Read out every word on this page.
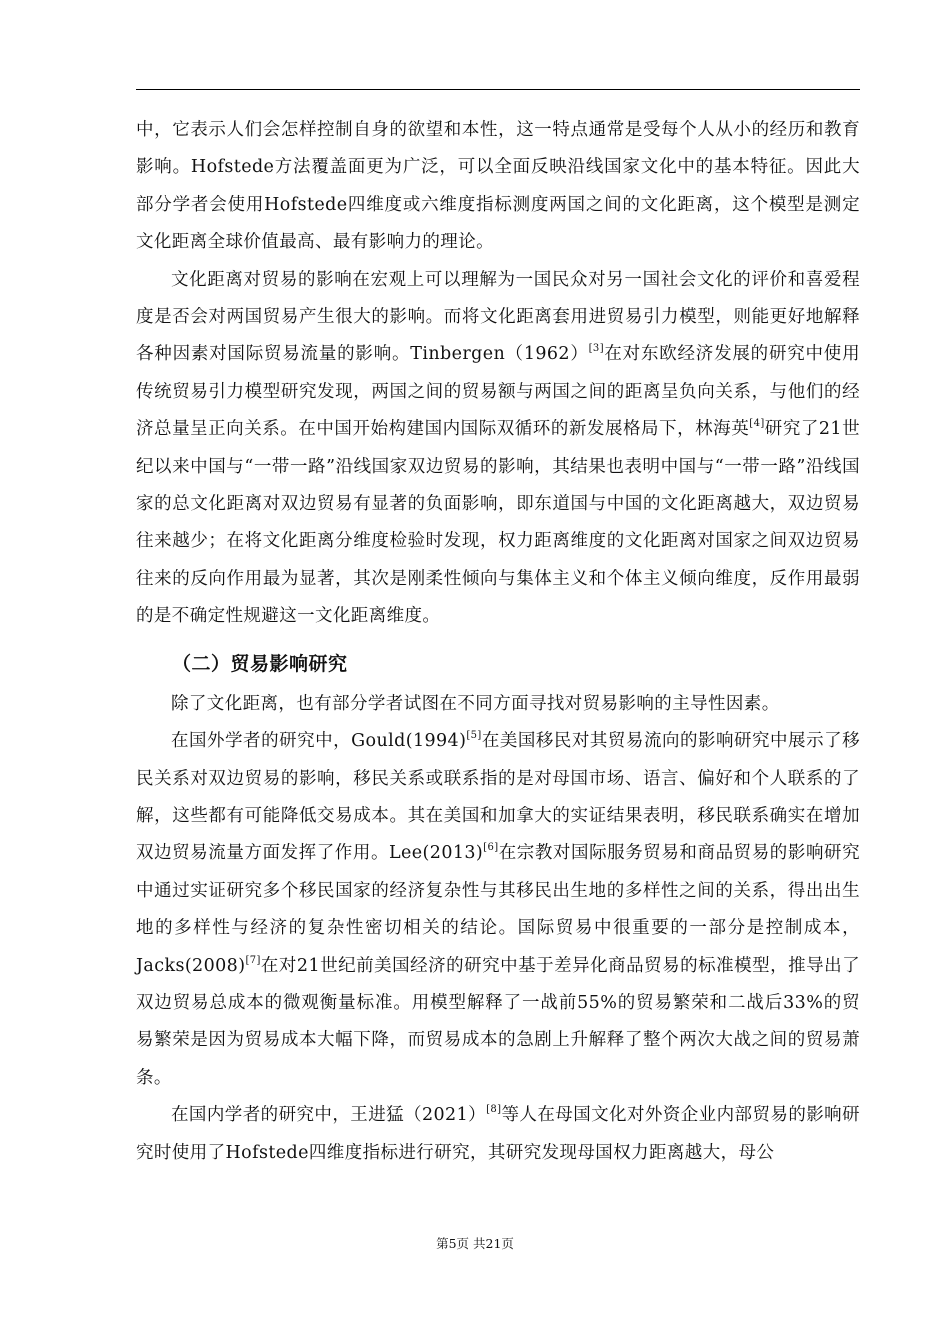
中，它表示人们会怎样控制自身的欲望和本性，这一特点通常是受每个人从小的经历和教育影响。Hofstede方法覆盖面更为广泛，可以全面反映沿线国家文化中的基本特征。因此大部分学者会使用Hofstede四维度或六维度指标测度两国之间的文化距离，这个模型是测定文化距离全球价值最高、最有影响力的理论。

文化距离对贸易的影响在宏观上可以理解为一国民众对另一国社会文化的评价和喜爱程度是否会对两国贸易产生很大的影响。而将文化距离套用进贸易引力模型，则能更好地解释各种因素对国际贸易流量的影响。Tinbergen（1962）[3]在对东欧经济发展的研究中使用传统贸易引力模型研究发现，两国之间的贸易额与两国之间的距离呈负向关系，与他们的经济总量呈正向关系。在中国开始构建国内国际双循环的新发展格局下，林海英[4]研究了21世纪以来中国与“一带一路”沿线国家双边贸易的影响，其结果也表明中国与“一带一路”沿线国家的总文化距离对双边贸易有显著的负面影响，即东道国与中国的文化距离越大，双边贸易往来越少；在将文化距离分维度检验时发现，权力距离维度的文化距离对国家之间双边贸易往来的反向作用最为显著，其次是刚柔性倾向与集体主义和个体主义倾向维度，反作用最弱的是不确定性规避这一文化距离维度。

（二）贸易影响研究

除了文化距离，也有部分学者试图在不同方面寻找对贸易影响的主导性因素。

在国外学者的研究中，Gould(1994)[5]在美国移民对其贸易流向的影响研究中展示了移民关系对双边贸易的影响，移民关系或联系指的是对母国市场、语言、偏好和个人联系的了解，这些都有可能降低交易成本。其在美国和加拿大的实证结果表明，移民联系确实在增加双边贸易流量方面发挥了作用。Lee(2013)[6]在宗教对国际服务贸易和商品贸易的影响研究中通过实证研究多个移民国家的经济复杂性与其移民出生地的多样性之间的关系，得出出生地的多样性与经济的复杂性密切相关的结论。国际贸易中很重要的一部分是控制成本，Jacks(2008)[7]在对21世纪前美国经济的研究中基于差异化商品贸易的标准模型，推导出了双边贸易总成本的微观衡量标准。用模型解释了一战前55%的贸易繁荣和二战后33%的贸易繁荣是因为贸易成本大幅下降，而贸易成本的急剧上升解释了整个两次大战之间的贸易萧条。

在国内学者的研究中，王进猛（2021）[8]等人在母国文化对外资企业内部贸易的影响研究时使用了Hofstede四维度指标进行研究，其研究发现母国权力距离越大，母公

第5页 共21页
